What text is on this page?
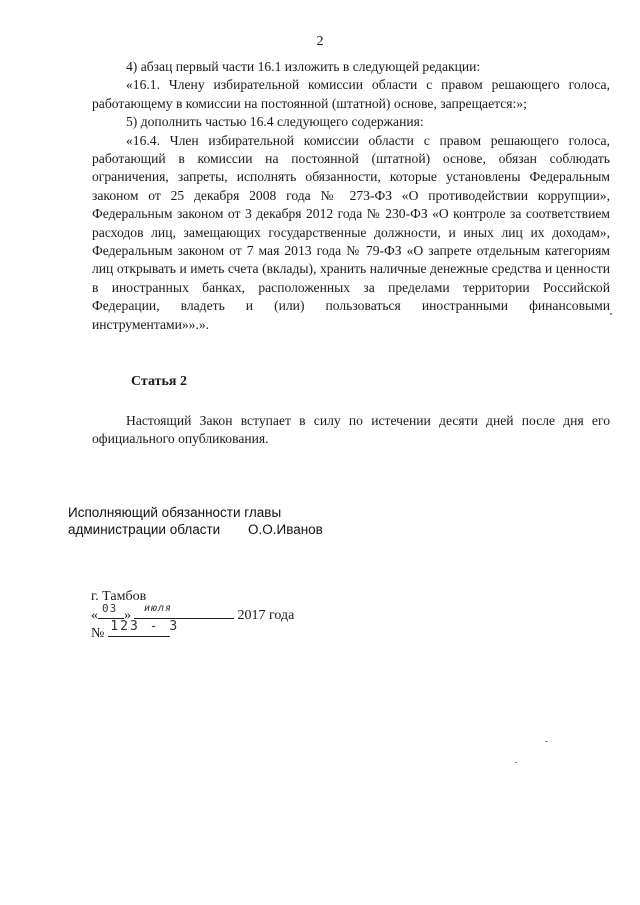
2

4) абзац первый части 16.1 изложить в следующей редакции:

«16.1. Члену избирательной комиссии области с правом решающего голоса, работающему в комиссии на постоянной (штатной) основе, запрещается:»;

5) дополнить частью 16.4 следующего содержания:

«16.4. Член избирательной комиссии области с правом решающего голоса, работающий в комиссии на постоянной (штатной) основе, обязан соблюдать ограничения, запреты, исполнять обязанности, которые установлены Федеральным законом от 25 декабря 2008 года № 273-ФЗ «О противодействии коррупции», Федеральным законом от 3 декабря 2012 года № 230-ФЗ «О контроле за соответствием расходов лиц, замещающих государственные должности, и иных лиц их доходам», Федеральным законом от 7 мая 2013 года № 79-ФЗ «О запрете отдельным категориям лиц открывать и иметь счета (вклады), хранить наличные денежные средства и ценности в иностранных банках, расположенных за пределами территории Российской Федерации, владеть и (или) пользоваться иностранными финансовыми инструментами»».».

Статья 2

Настоящий Закон вступает в силу по истечении десяти дней после дня его официального опубликования.

Исполняющий обязанности главы
администрации области О.О.Иванов
г. Тамбов
« 03 » июля	2017 года
№ 123 - З
